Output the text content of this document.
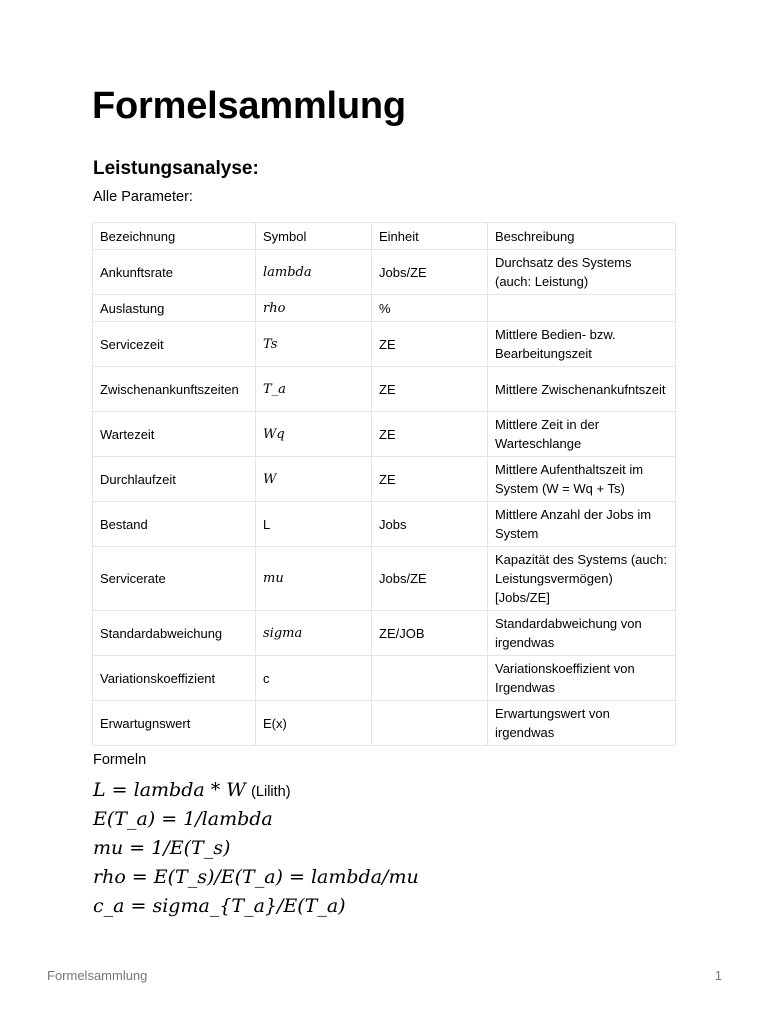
Formelsammlung
Leistungsanalyse:

Alle Parameter:

Bezeichnung	Symbol	Einheit	Beschreibung
Ankunftsrate	lambda	Jobs/ZE	Durchsatz des Systems (auch: Leistung)
Auslastung	rho	%	
Servicezeit	Ts	ZE	Mittlere Bedien- bzw. Bearbeitungszeit
Zwischenankunftszeiten	T_a	ZE	Mittlere Zwischenankufntszeit
Wartezeit	Wq	ZE	Mittlere Zeit in der Warteschlange
Durchlaufzeit	W	ZE	Mittlere Aufenthaltszeit im System (W = Wq + Ts)
Bestand	L	Jobs	Mittlere Anzahl der Jobs im System
Servicerate	mu	Jobs/ZE	Kapazität des Systems (auch: Leistungsvermögen) [Jobs/ZE]
Standardabweichung	sigma	ZE/JOB	Standardabweichung von irgendwas
Variationskoeffizient	c		Variationskoeffizient von Irgendwas
Erwartugnswert	E(x)		Erwartungswert von irgendwas

Formeln

L = lambda * W (Lilith)
E(T_a) = 1/lambda
mu = 1/E(T_s)
rho = E(T_s)/E(T_a) = lambda/mu
c_a = sigma_{T_a}/E(T_a)
Formelsammlung	1
